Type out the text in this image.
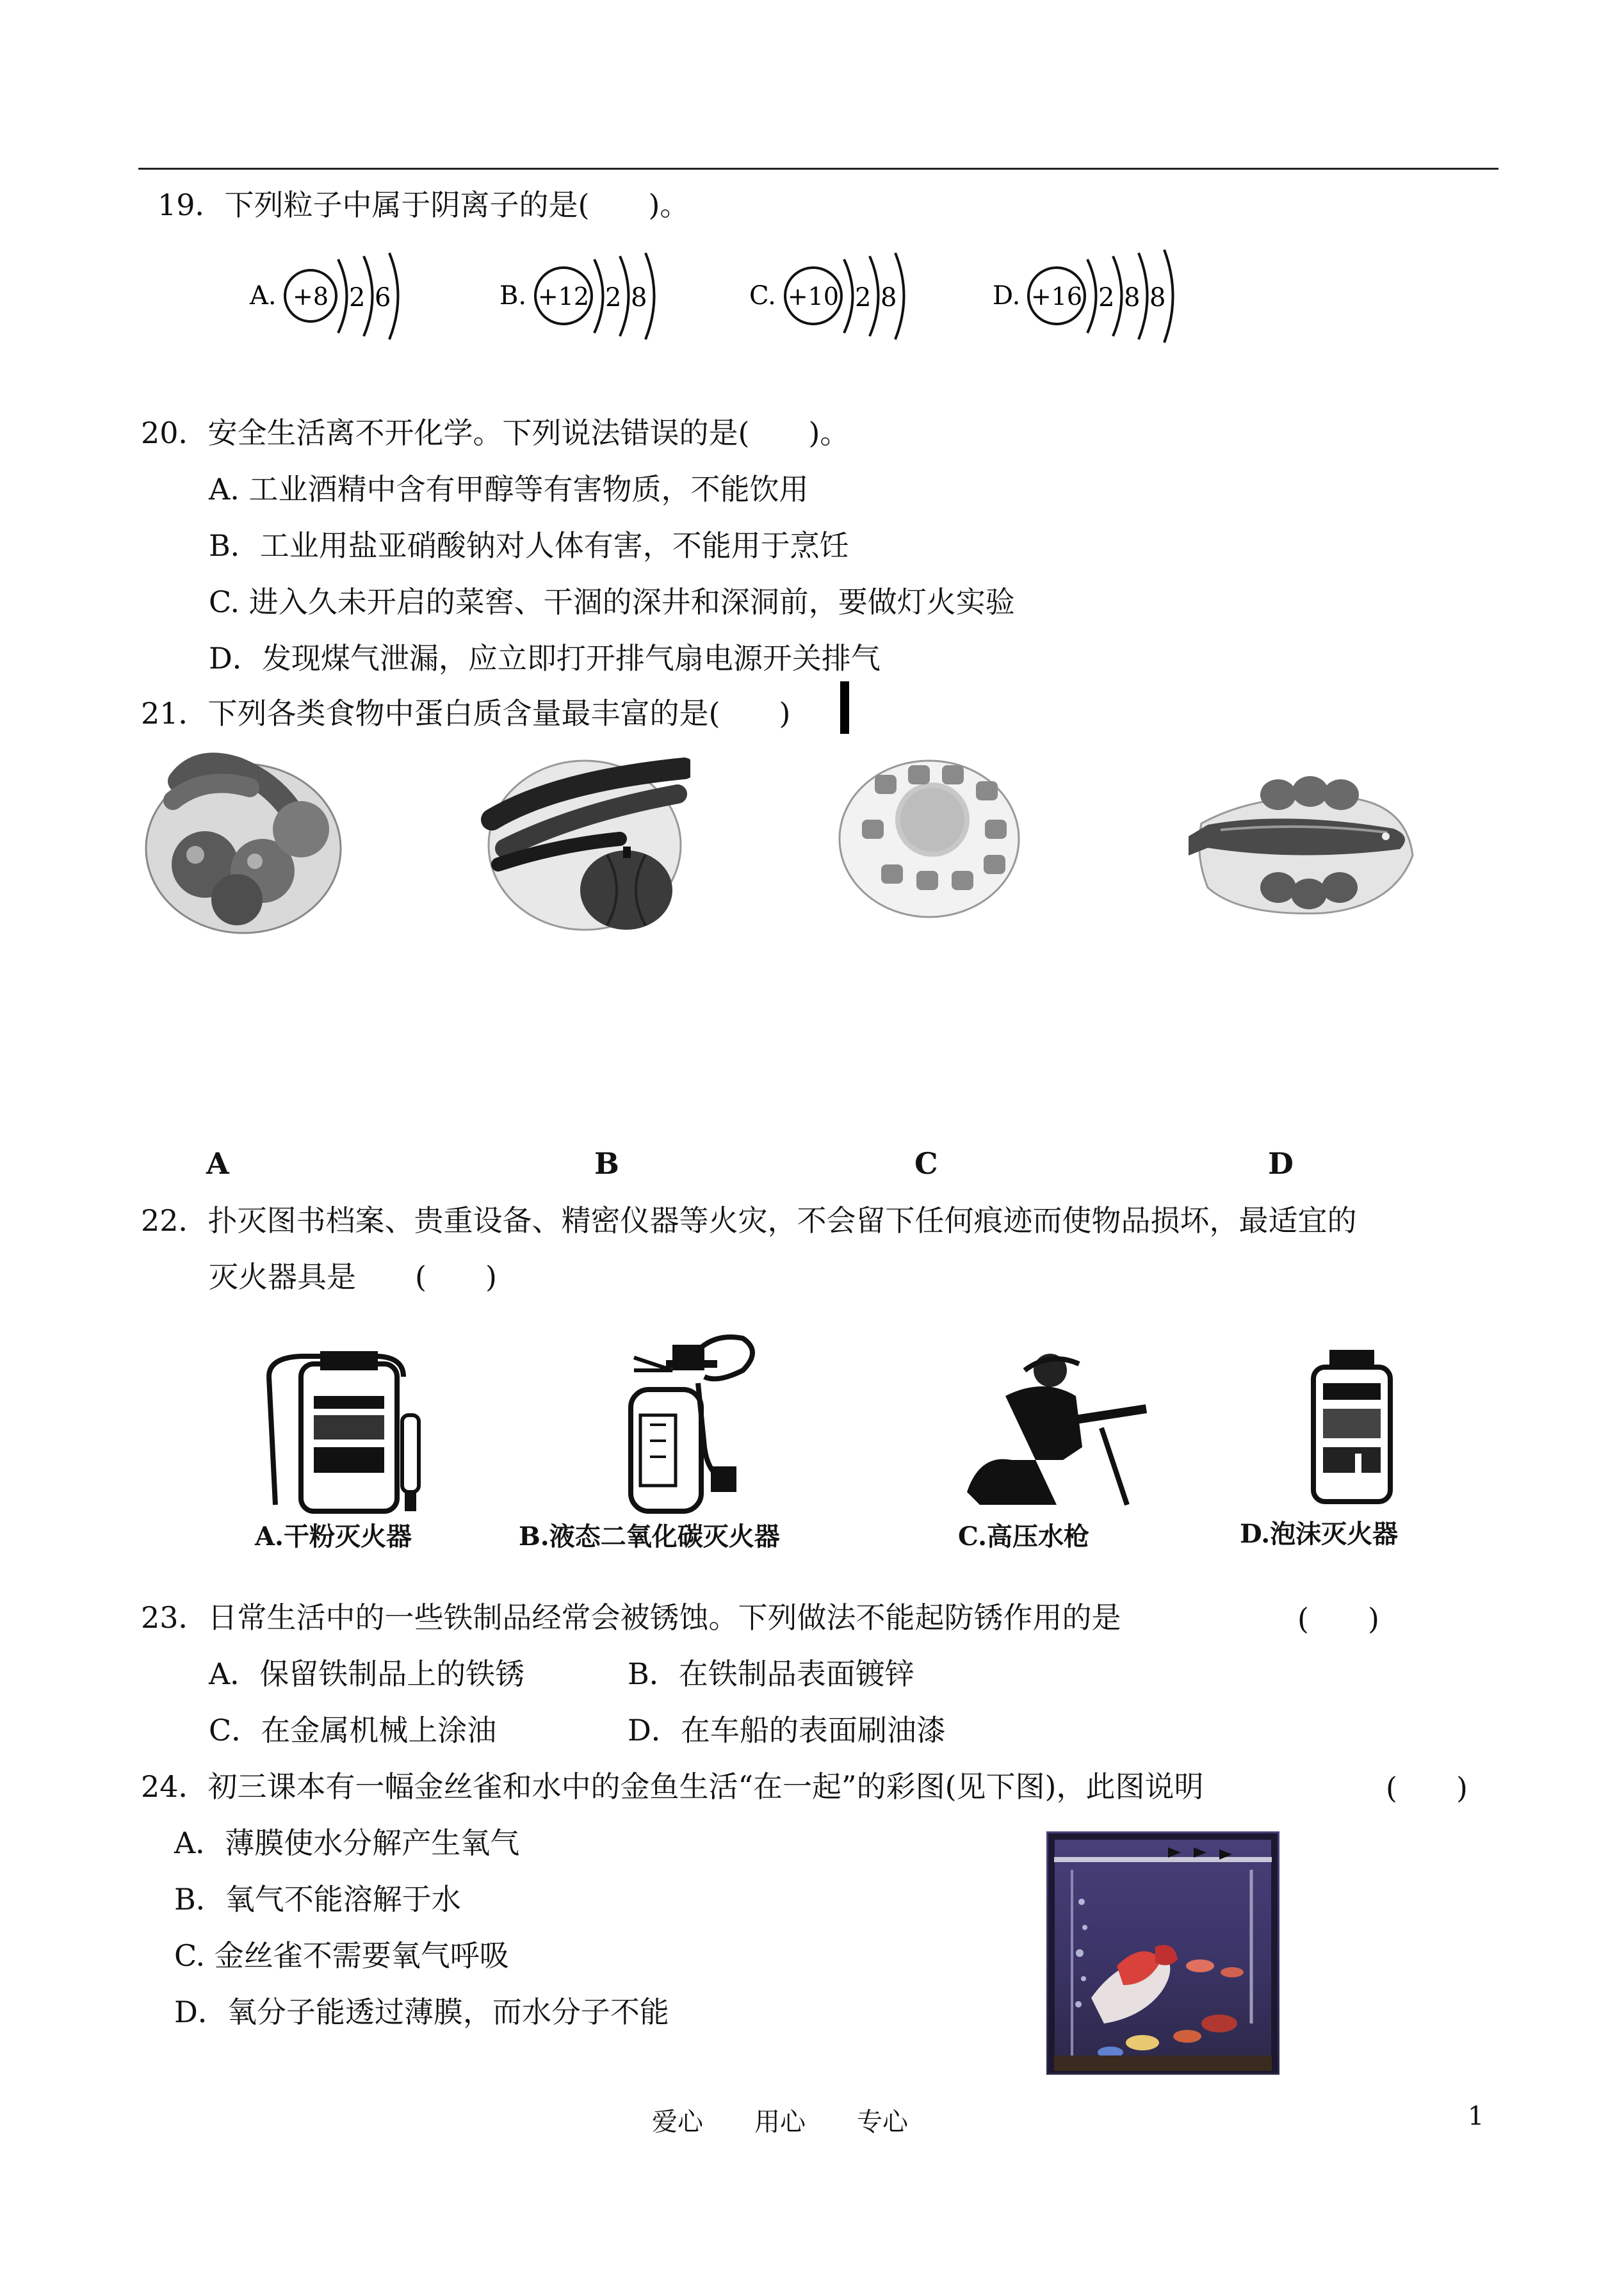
19．下列粒子中属于阴离子的是(　　)。
A. +8 2 6	B. +12 2 8	C. +10 2 8	D. +16 2 8 8
20．安全生活离不开化学。下列说法错误的是(　　)。
A. 工业酒精中含有甲醇等有害物质，不能饮用
B．工业用盐亚硝酸钠对人体有害，不能用于烹饪
C. 进入久未开启的菜窖、干涸的深井和深洞前，要做灯火实验
D．发现煤气泄漏，应立即打开排气扇电源开关排气
21．下列各类食物中蛋白质含量最丰富的是(　　)
A	B	C	D
22．扑灭图书档案、贵重设备、精密仪器等火灾，不会留下任何痕迹而使物品损坏，最适宜的
灭火器具是　　(　　)
A.干粉灭火器	B.液态二氧化碳灭火器	C.高压水枪	D.泡沫灭火器
23．日常生活中的一些铁制品经常会被锈蚀。下列做法不能起防锈作用的是	(　　)
A．保留铁制品上的铁锈	B．在铁制品表面镀锌
C．在金属机械上涂油	D．在车船的表面刷油漆
24．初三课本有一幅金丝雀和水中的金鱼生活“在一起”的彩图(见下图)，此图说明	(　　)
A．薄膜使水分解产生氧气
B．氧气不能溶解于水
C. 金丝雀不需要氧气呼吸
D．氧分子能透过薄膜，而水分子不能
爱心　　用心　　专心	1
